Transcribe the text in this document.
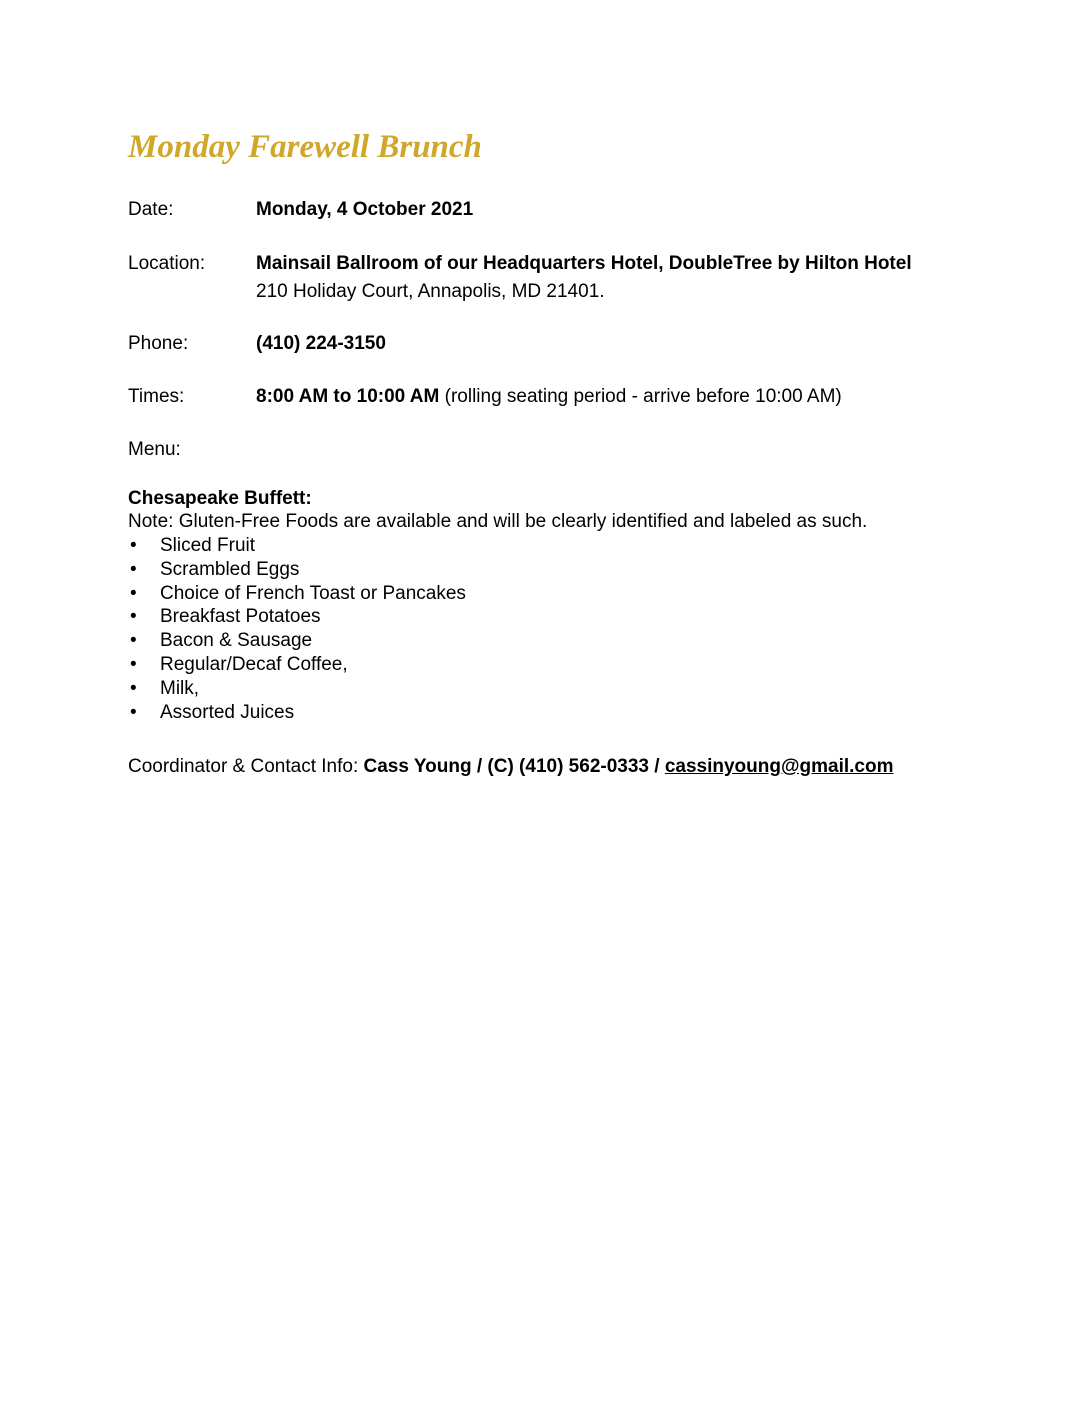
Monday Farewell Brunch
Date:	Monday, 4 October 2021
Location:	Mainsail Ballroom of our Headquarters Hotel, DoubleTree by Hilton Hotel
210 Holiday Court, Annapolis, MD 21401.
Phone:	(410) 224-3150
Times:	8:00 AM to 10:00 AM (rolling seating period - arrive before 10:00 AM)
Menu:
Chesapeake Buffett:
Note: Gluten-Free Foods are available and will be clearly identified and labeled as such.
• Sliced Fruit
• Scrambled Eggs
• Choice of French Toast or Pancakes
• Breakfast Potatoes
• Bacon & Sausage
• Regular/Decaf Coffee,
• Milk,
• Assorted Juices
Coordinator & Contact Info: Cass Young / (C) (410) 562-0333 / cassinyoung@gmail.com
